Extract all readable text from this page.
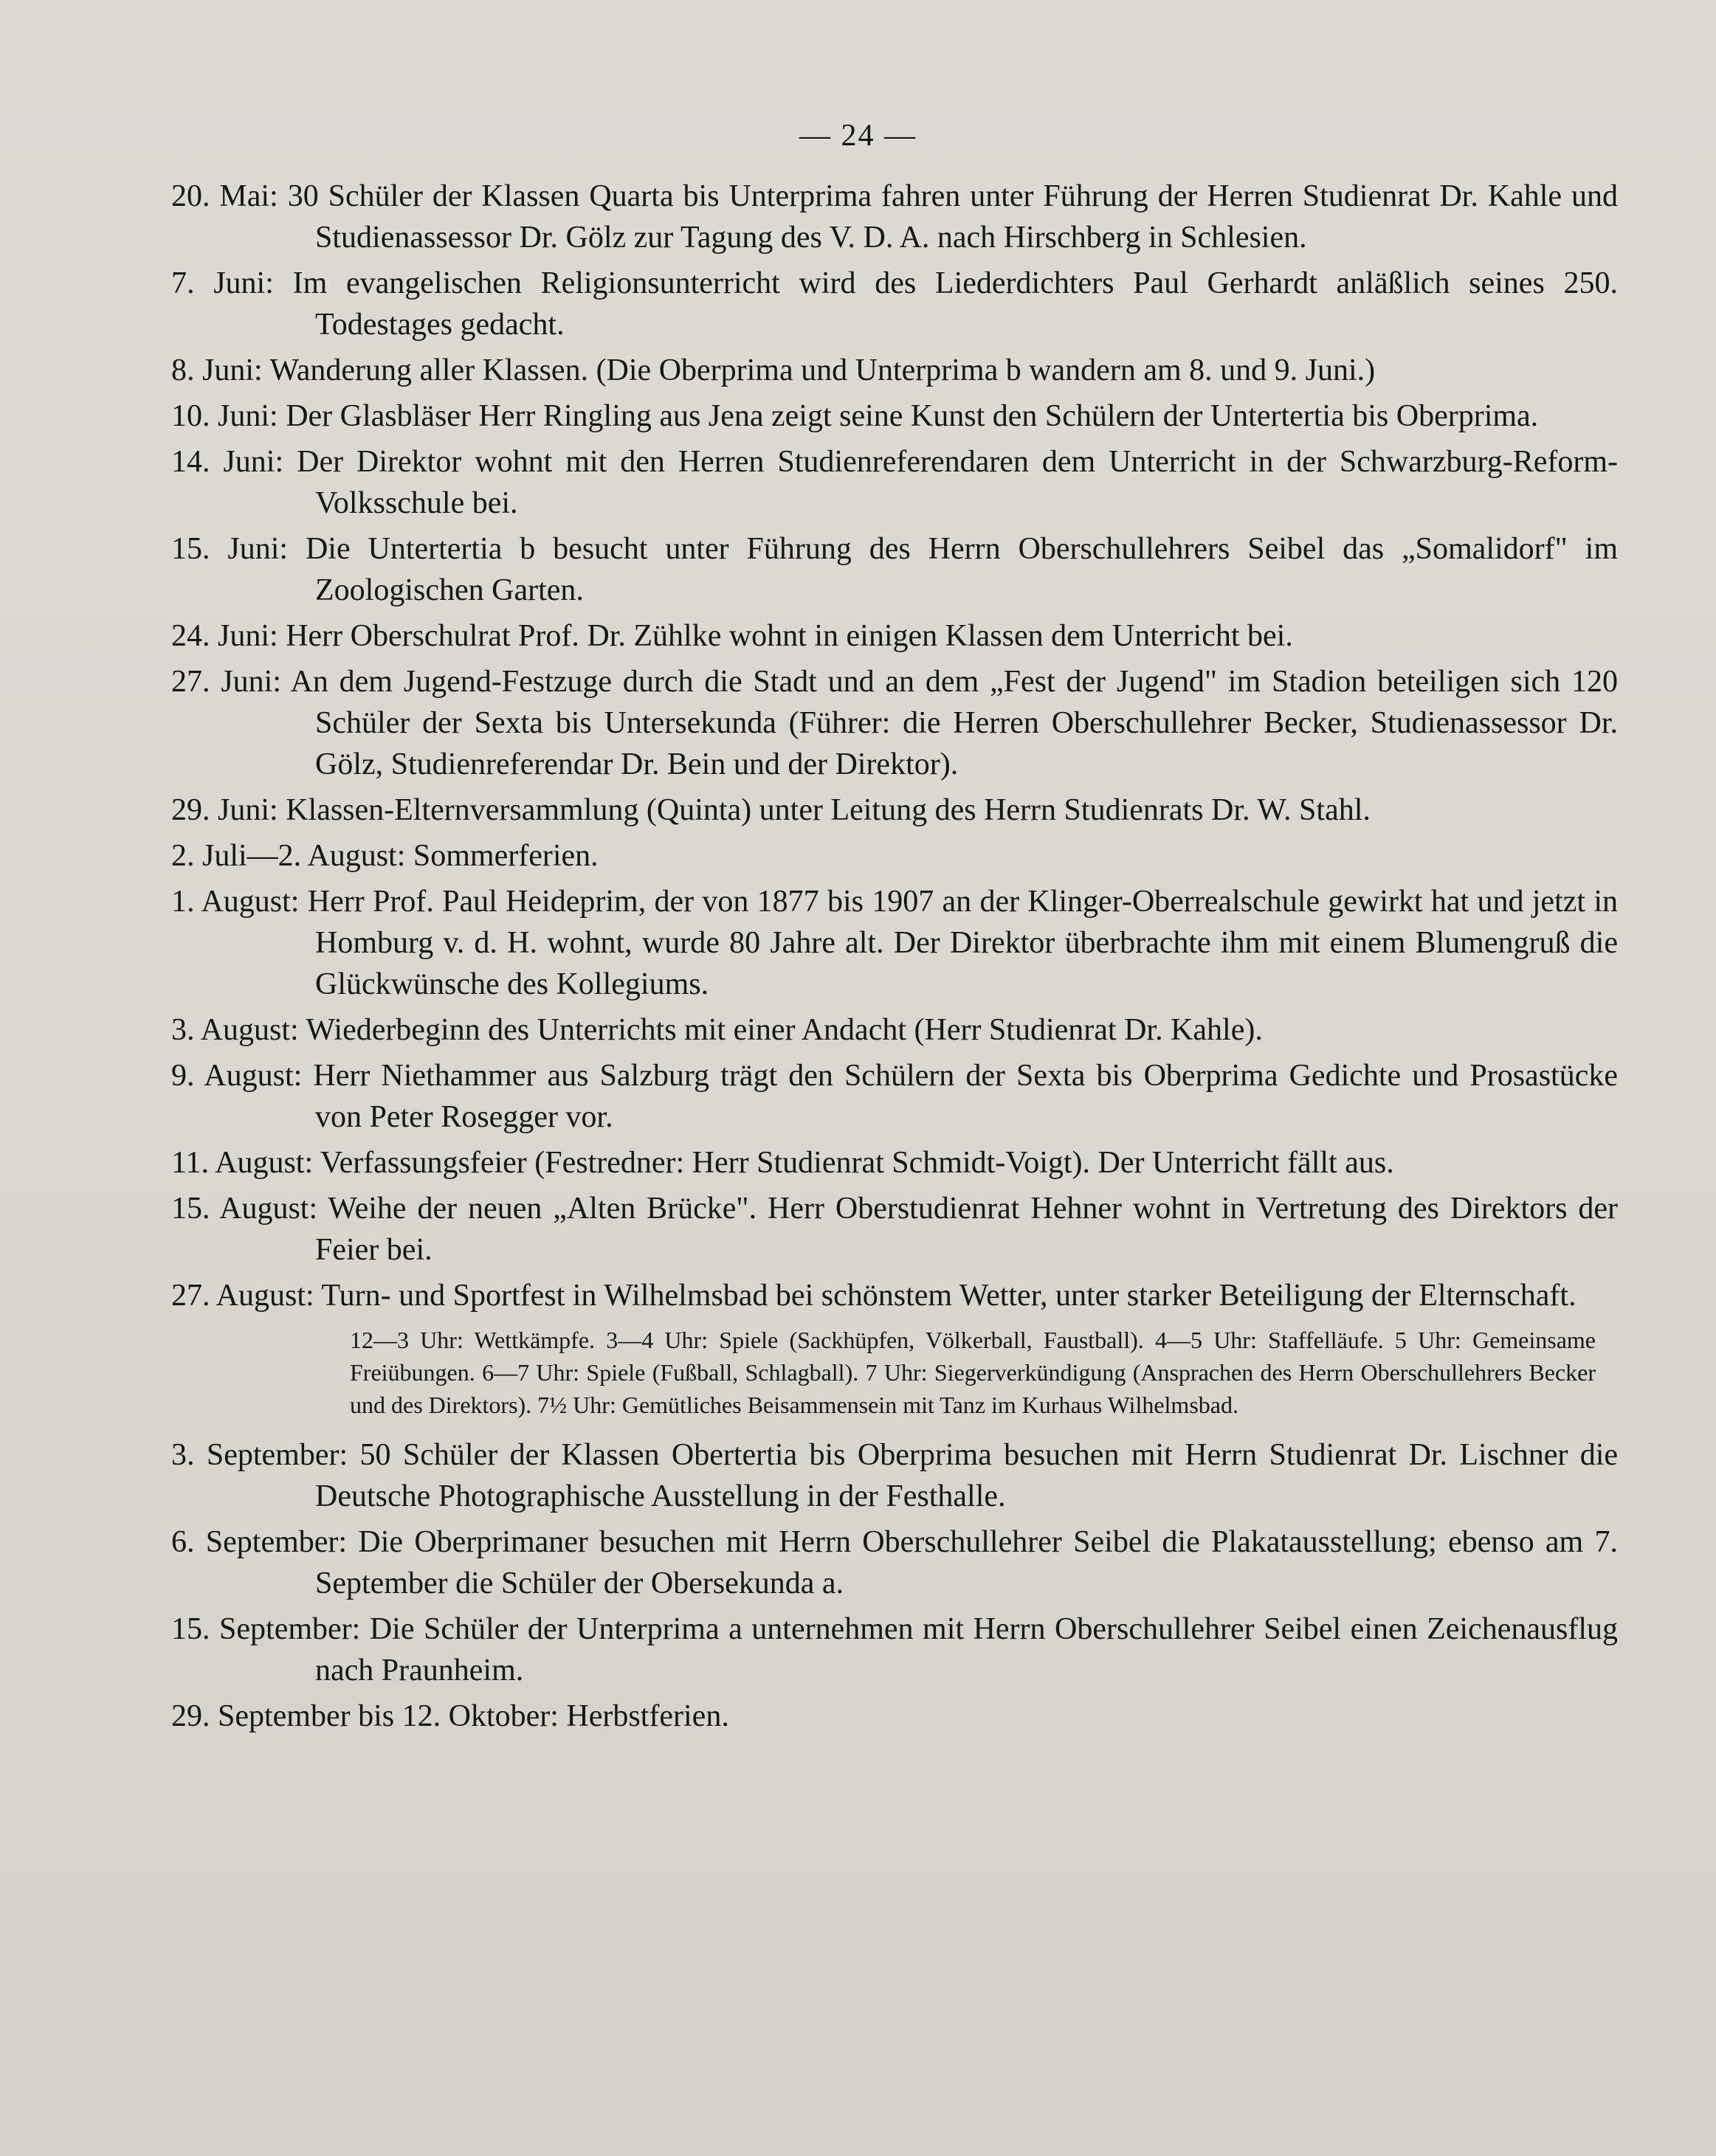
— 24 —
20. Mai: 30 Schüler der Klassen Quarta bis Unterprima fahren unter Führung der Herren Studienrat Dr. Kahle und Studienassessor Dr. Gölz zur Tagung des V. D. A. nach Hirschberg in Schlesien.
7. Juni: Im evangelischen Religionsunterricht wird des Liederdichters Paul Gerhardt anläßlich seines 250. Todestages gedacht.
8. Juni: Wanderung aller Klassen. (Die Oberprima und Unterprima b wandern am 8. und 9. Juni.)
10. Juni: Der Glasbläser Herr Ringling aus Jena zeigt seine Kunst den Schülern der Untertertia bis Oberprima.
14. Juni: Der Direktor wohnt mit den Herren Studienreferendaren dem Unterricht in der Schwarzburg-Reform-Volksschule bei.
15. Juni: Die Untertertia b besucht unter Führung des Herrn Oberschullehrers Seibel das „Somalidorf" im Zoologischen Garten.
24. Juni: Herr Oberschulrat Prof. Dr. Zühlke wohnt in einigen Klassen dem Unterricht bei.
27. Juni: An dem Jugend-Festzuge durch die Stadt und an dem „Fest der Jugend" im Stadion beteiligen sich 120 Schüler der Sexta bis Untersekunda (Führer: die Herren Oberschullehrer Becker, Studienassessor Dr. Gölz, Studienreferendar Dr. Bein und der Direktor).
29. Juni: Klassen-Elternversammlung (Quinta) unter Leitung des Herrn Studienrats Dr. W. Stahl.
2. Juli—2. August: Sommerferien.
1. August: Herr Prof. Paul Heideprim, der von 1877 bis 1907 an der Klinger-Oberrealschule gewirkt hat und jetzt in Homburg v. d. H. wohnt, wurde 80 Jahre alt. Der Direktor überbrachte ihm mit einem Blumengruß die Glückwünsche des Kollegiums.
3. August: Wiederbeginn des Unterrichts mit einer Andacht (Herr Studienrat Dr. Kahle).
9. August: Herr Niethammer aus Salzburg trägt den Schülern der Sexta bis Oberprima Gedichte und Prosastücke von Peter Rosegger vor.
11. August: Verfassungsfeier (Festredner: Herr Studienrat Schmidt-Voigt). Der Unterricht fällt aus.
15. August: Weihe der neuen „Alten Brücke". Herr Oberstudienrat Hehner wohnt in Vertretung des Direktors der Feier bei.
27. August: Turn- und Sportfest in Wilhelmsbad bei schönstem Wetter, unter starker Beteiligung der Elternschaft.
12—3 Uhr: Wettkämpfe. 3—4 Uhr: Spiele (Sackhüpfen, Völkerball, Faustball). 4—5 Uhr: Staffelläufe. 5 Uhr: Gemeinsame Freiübungen. 6—7 Uhr: Spiele (Fußball, Schlagball). 7 Uhr: Siegerverkündigung (Ansprachen des Herrn Oberschullehrers Becker und des Direktors). 7½ Uhr: Gemütliches Beisammensein mit Tanz im Kurhaus Wilhelmsbad.
3. September: 50 Schüler der Klassen Obertertia bis Oberprima besuchen mit Herrn Studienrat Dr. Lischner die Deutsche Photographische Ausstellung in der Festhalle.
6. September: Die Oberprimaner besuchen mit Herrn Oberschullehrer Seibel die Plakatausstellung; ebenso am 7. September die Schüler der Obersekunda a.
15. September: Die Schüler der Unterprima a unternehmen mit Herrn Oberschullehrer Seibel einen Zeichenausflug nach Praunheim.
29. September bis 12. Oktober: Herbstferien.
